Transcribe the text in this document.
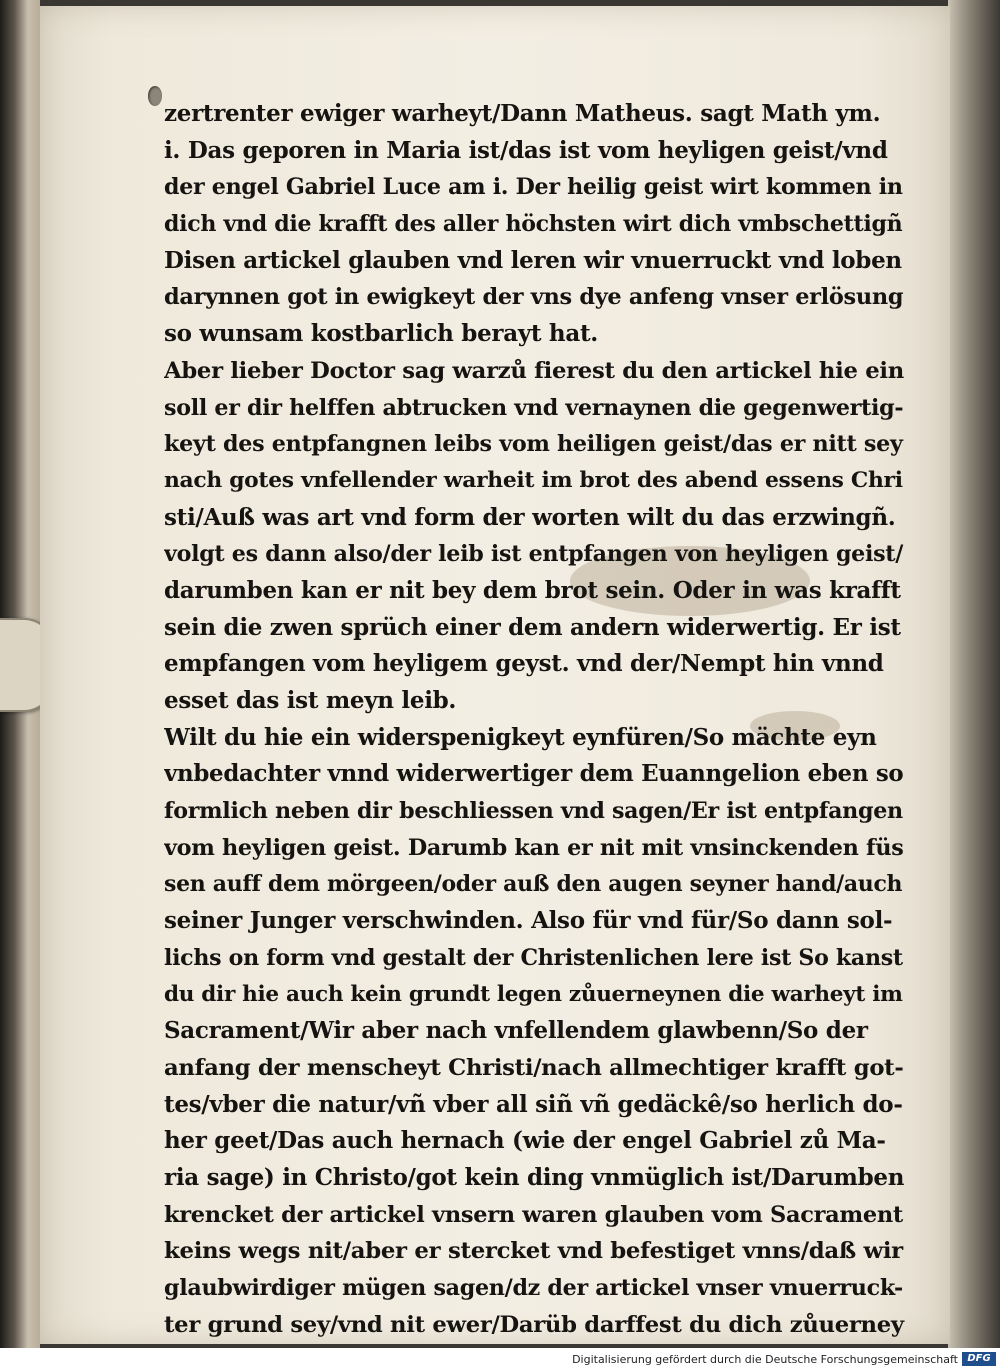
zertrenter ewiger warheyt/Dann Matheus. sagt Math ym.
i. Das geporen in Maria ist/das ist vom heyligen geist/vnd
der engel Gabriel Luce am i. Der heilig geist wirt kommen in
dich vnd die krafft des aller höchsten wirt dich vmbschettigñ
Disen artickel glauben vnd leren wir vnuerruckt vnd loben
darynnen got in ewigkeyt der vns dye anfeng vnser erlösung
so wunsam kostbarlich berayt hat.
Aber lieber Doctor sag warzů fierest du den artickel hie ein
soll er dir helffen abtrucken vnd vernaynen die gegenwertig-
keyt des entpfangnen leibs vom heiligen geist/das er nitt sey
nach gotes vnfellender warheit im brot des abend essens Chri
sti/Auß was art vnd form der worten wilt du das erzwingñ.
volgt es dann also/der leib ist entpfangen von heyligen geist/
darumben kan er nit bey dem brot sein. Oder in was krafft
sein die zwen sprüch einer dem andern widerwertig. Er ist
empfangen vom heyligem geyst. vnd der/Nempt hin vnnd
esset das ist meyn leib.
Wilt du hie ein widerspenigkeyt eynfüren/So mächte eyn
vnbedachter vnnd widerwertiger dem Euanngelion eben so
formlich neben dir beschliessen vnd sagen/Er ist entpfangen
vom heyligen geist. Darumb kan er nit mit vnsinckenden füs
sen auff dem mörgeen/oder auß den augen seyner hand/auch
seiner Junger verschwinden. Also für vnd für/So dann sol-
lichs on form vnd gestalt der Christenlichen lere ist So kanst
du dir hie auch kein grundt legen zůuerneynen die warheyt im
Sacrament/Wir aber nach vnfellendem glawbenn/So der
anfang der menscheyt Christi/nach allmechtiger krafft got-
tes/vber die natur/vñ vber all siñ vñ gedäckê/so herlich do-
her geet/Das auch hernach (wie der engel Gabriel zů Ma-
ria sage) in Christo/got kein ding vnmüglich ist/Darumben
krencket der artickel vnsern waren glauben vom Sacrament
keins wegs nit/aber er stercket vnd befestiget vnns/daß wir
glaubwirdiger mügen sagen/dz der artickel vnser vnuerruck-
ter grund sey/vnd nit ewer/Darüb darffest du dich zůuerney
Digitalisierung gefördert durch die Deutsche Forschungsgemeinschaft DFG
